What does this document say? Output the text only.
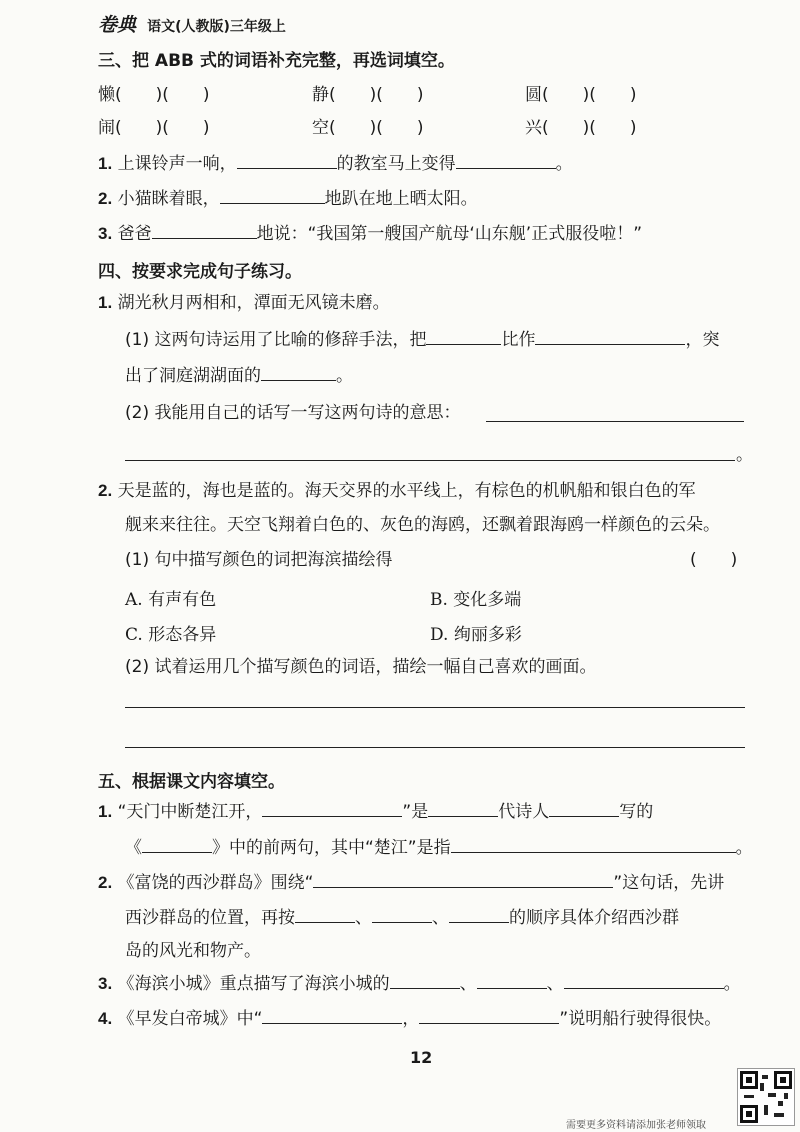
卷典 语文(人教版)三年级上
三、把 ABB 式的词语补充完整，再选词填空。
懒(　　)(　　)	静(　　)(　　)	圆(　　)(　　)
闹(　　)(　　)	空(　　)(　　)	兴(　　)(　　)
1. 上课铃声一响，	的教室马上变得	。
2. 小猫眯着眼，	地趴在地上晒太阳。
3. 爸爸	地说：“我国第一艘国产航母‘山东舰’正式服役啦！”
四、按要求完成句子练习。
1. 湖光秋月两相和，潭面无风镜未磨。
(1) 这两句诗运用了比喻的修辞手法，把	比作	，突
出了洞庭湖湖面的	。
(2) 我能用自己的话写一写这两句诗的意思：
。
2. 天是蓝的，海也是蓝的。海天交界的水平线上，有棕色的机帆船和银白色的军
舰来来往往。天空飞翔着白色的、灰色的海鸥，还飘着跟海鸥一样颜色的云朵。
(1) 句中描写颜色的词把海滨描绘得	(　　)
A. 有声有色	B. 变化多端
C. 形态各异	D. 绚丽多彩
(2) 试着运用几个描写颜色的词语，描绘一幅自己喜欢的画面。
五、根据课文内容填空。
1. “天门中断楚江开，	”是	代诗人	写的
《	》中的前两句，其中“楚江”是指	。
2. 《富饶的西沙群岛》围绕“	”这句话，先讲
西沙群岛的位置，再按	、	、	的顺序具体介绍西沙群
岛的风光和物产。
3. 《海滨小城》重点描写了海滨小城的	、	、	。
4. 《早发白帝城》中“	，	”说明船行驶得很快。
12
需要更多资料请添加张老师领取
